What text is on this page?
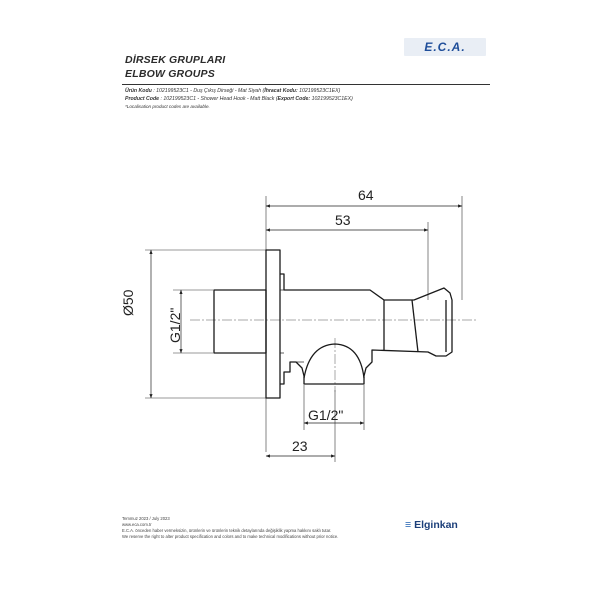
DİRSEK GRUPLARI
ELBOW GROUPS
E.C.A.
Ürün Kodu : 102199523C1 - Duş Çıkış Dirseği - Mat Siyah (İhracat Kodu: 102199523C1EX)
Product Code : 102199523C1 - Shower Head Hook - Matt Black (Export Code: 102199523C1EX)
*Localisation product codes are available.
64
53
Ø50
G1/2"
G1/2"
23
Temmuz 2023 / July 2023
www.eca.com.tr
E.C.A. önceden haber vermeksizin, ürünlerin ve ürünlerin teknik detaylarında değişiklik yapma hakkını saklı tutar.
We reserve the right to alter product specification and colors and to make technical modifications without prior notice.
≡ Elginkan
